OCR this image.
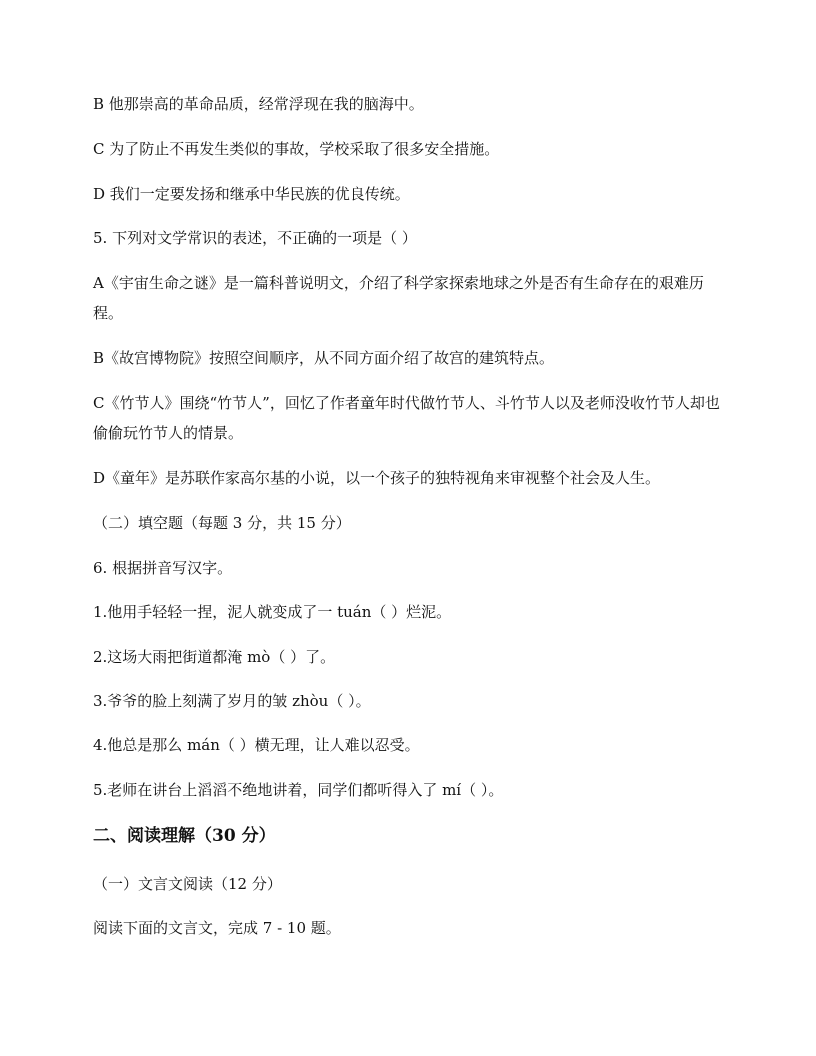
B 他那崇高的革命品质，经常浮现在我的脑海中。
C 为了防止不再发生类似的事故，学校采取了很多安全措施。
D 我们一定要发扬和继承中华民族的优良传统。
5. 下列对文学常识的表述，不正确的一项是（ ）
A《宇宙生命之谜》是一篇科普说明文，介绍了科学家探索地球之外是否有生命存在的艰难历程。
B《故宫博物院》按照空间顺序，从不同方面介绍了故宫的建筑特点。
C《竹节人》围绕“竹节人”，回忆了作者童年时代做竹节人、斗竹节人以及老师没收竹节人却也偷偷玩竹节人的情景。
D《童年》是苏联作家高尔基的小说，以一个孩子的独特视角来审视整个社会及人生。
（二）填空题（每题 3 分，共 15 分）
6. 根据拼音写汉字。
1.他用手轻轻一捏，泥人就变成了一 tuán（ ）烂泥。
2.这场大雨把街道都淹 mò（ ）了。
3.爷爷的脸上刻满了岁月的皱 zhòu（ ）。
4.他总是那么 mán（ ）横无理，让人难以忍受。
5.老师在讲台上滔滔不绝地讲着，同学们都听得入了 mí（ ）。
二、阅读理解（30 分）
（一）文言文阅读（12 分）
阅读下面的文言文，完成 7 - 10 题。
